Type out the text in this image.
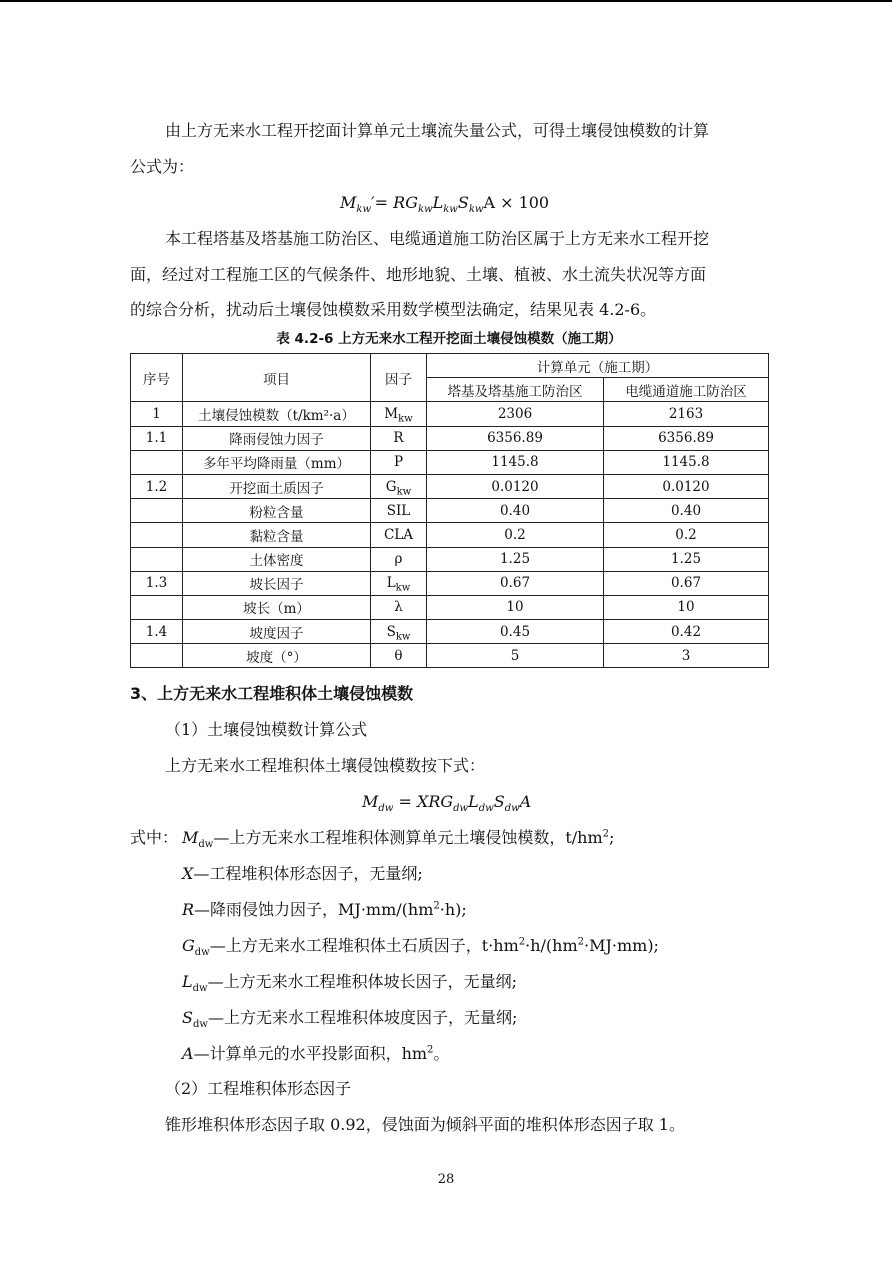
由上方无来水工程开挖面计算单元土壤流失量公式，可得土壤侵蚀模数的计算
公式为：
$M_{kw}'= RG_{kw}L_{kw}S_{kw}A \times 100$
本工程塔基及塔基施工防治区、电缆通道施工防治区属于上方无来水工程开挖
面，经过对工程施工区的气候条件、地形地貌、土壤、植被、水土流失状况等方面
的综合分析，扰动后土壤侵蚀模数采用数学模型法确定，结果见表 4.2-6。
表 4.2-6 上方无来水工程开挖面土壤侵蚀模数（施工期）
序号	项目	因子	计算单元（施工期）	
			塔基及塔基施工防治区	电缆通道施工防治区
1	土壤侵蚀模数（t/km²·a）	$M_{kw}$	2306	2163
1.1	降雨侵蚀力因子	R	6356.89	6356.89
	多年平均降雨量（mm）	P	1145.8	1145.8
1.2	开挖面土质因子	$G_{kw}$	0.0120	0.0120
	粉粒含量	SIL	0.40	0.40
	黏粒含量	CLA	0.2	0.2
	土体密度	ρ	1.25	1.25
1.3	坡长因子	$L_{kw}$	0.67	0.67
	坡长（m）	λ	10	10
1.4	坡度因子	$S_{kw}$	0.45	0.42
	坡度（°）	θ	5	3
3、上方无来水工程堆积体土壤侵蚀模数
（1）土壤侵蚀模数计算公式
上方无来水工程堆积体土壤侵蚀模数按下式：
$M_{dw} = XRG_{dw}L_{dw}S_{dw}A$
式中： $M_{dw}—$上方无来水工程堆积体测算单元土壤侵蚀模数，$t/hm^2$;
X—工程堆积体形态因子，无量纲;
R—降雨侵蚀力因子，$MJ\cdot mm/(hm^2\cdot h)$;
$G_{dw}—$上方无来水工程堆积体土石质因子，$t\cdot hm^2\cdot h/(hm^2\cdot MJ\cdot mm)$;
$L_{dw}—$上方无来水工程堆积体坡长因子，无量纲;
$S_{dw}—$上方无来水工程堆积体坡度因子，无量纲;
A—计算单元的水平投影面积，$hm^2$。
（2）工程堆积体形态因子
锥形堆积体形态因子取 0.92，侵蚀面为倾斜平面的堆积体形态因子取 1。
28
